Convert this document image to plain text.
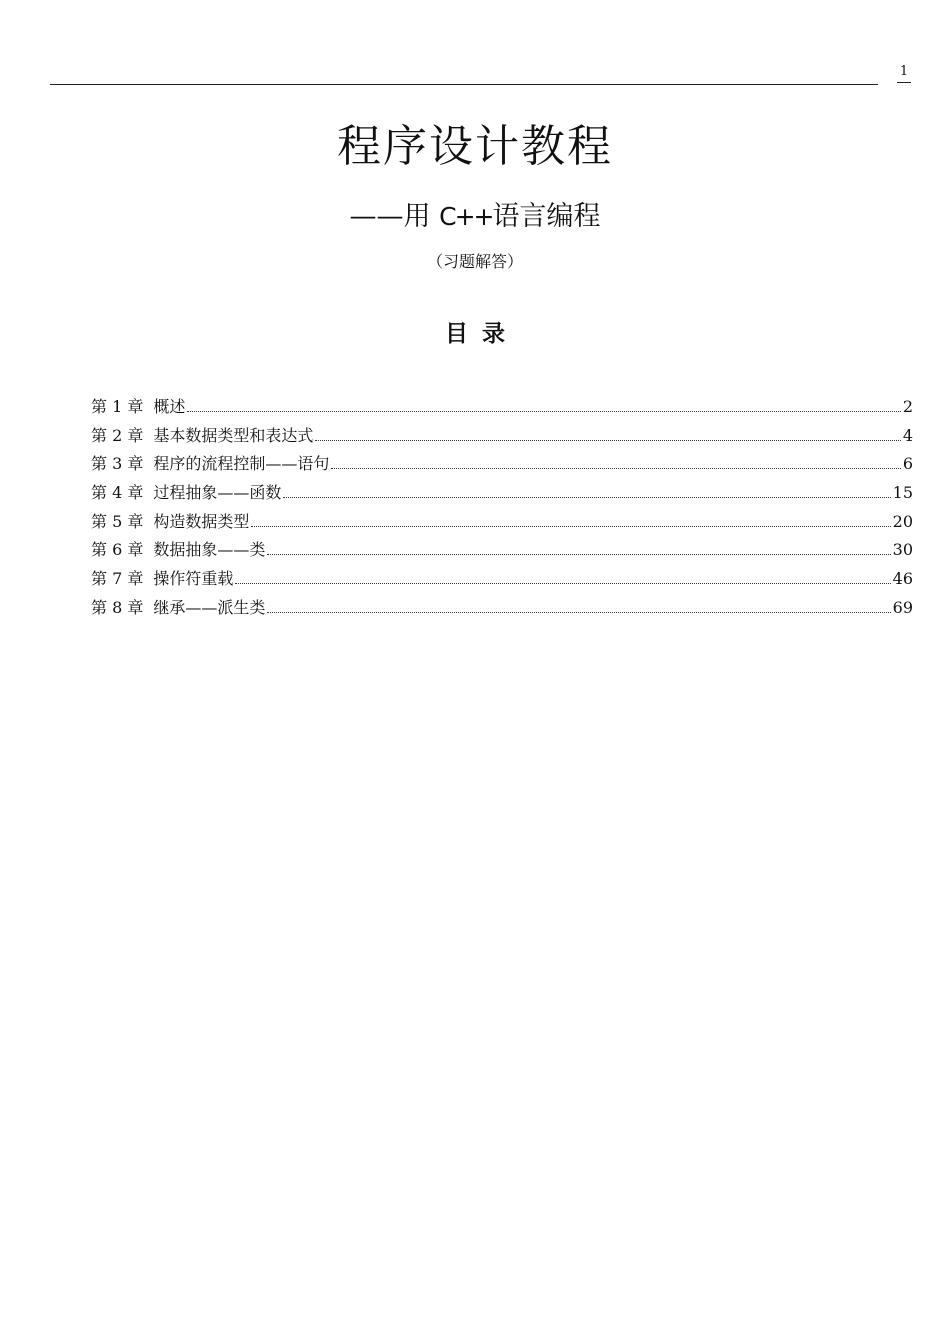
1
程序设计教程
——用 C++语言编程
（习题解答）
目录
第 1 章 概述	2
第 2 章 基本数据类型和表达式	4
第 3 章 程序的流程控制——语句	6
第 4 章 过程抽象——函数	15
第 5 章 构造数据类型	20
第 6 章 数据抽象——类	30
第 7 章 操作符重载	46
第 8 章 继承——派生类	69
